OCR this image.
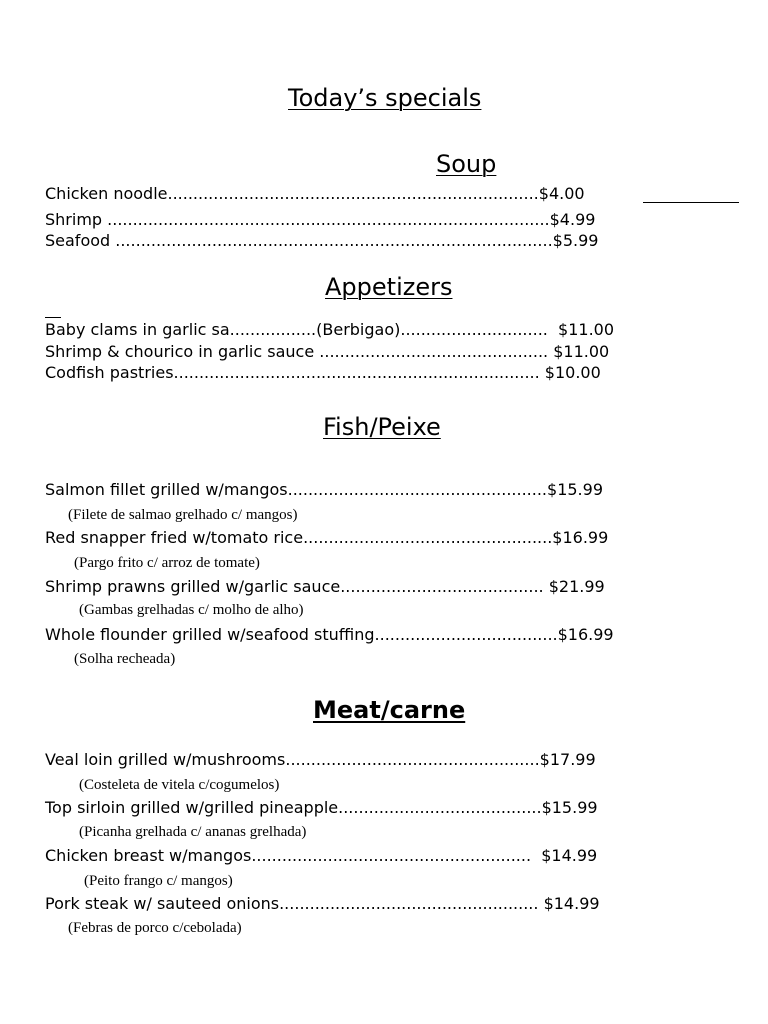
Today’s specials
Soup
Chicken noodle.........................................................................$4.00
Shrimp .......................................................................................$4.99
Seafood ......................................................................................$5.99
Appetizers
Baby clams in garlic sa.................(Berbigao).............................  $11.00
Shrimp & chourico in garlic sauce ............................................. $11.00
Codfish pastries........................................................................ $10.00
Fish/Peixe
Salmon fillet grilled w/mangos...................................................$15.99
(Filete de salmao grelhado c/ mangos)
Red snapper fried w/tomato rice.................................................$16.99
(Pargo frito c/ arroz de tomate)
Shrimp prawns grilled w/garlic sauce........................................ $21.99
(Gambas grelhadas c/ molho de alho)
Whole flounder grilled w/seafood stuffing....................................$16.99
(Solha recheada)
Meat/carne
Veal loin grilled w/mushrooms..................................................$17.99
(Costeleta de vitela c/cogumelos)
Top sirloin grilled w/grilled pineapple........................................$15.99
(Picanha grelhada c/ ananas grelhada)
Chicken breast w/mangos.......................................................  $14.99
(Peito frango c/ mangos)
Pork steak w/ sauteed onions................................................... $14.99
(Febras de porco c/cebolada)
